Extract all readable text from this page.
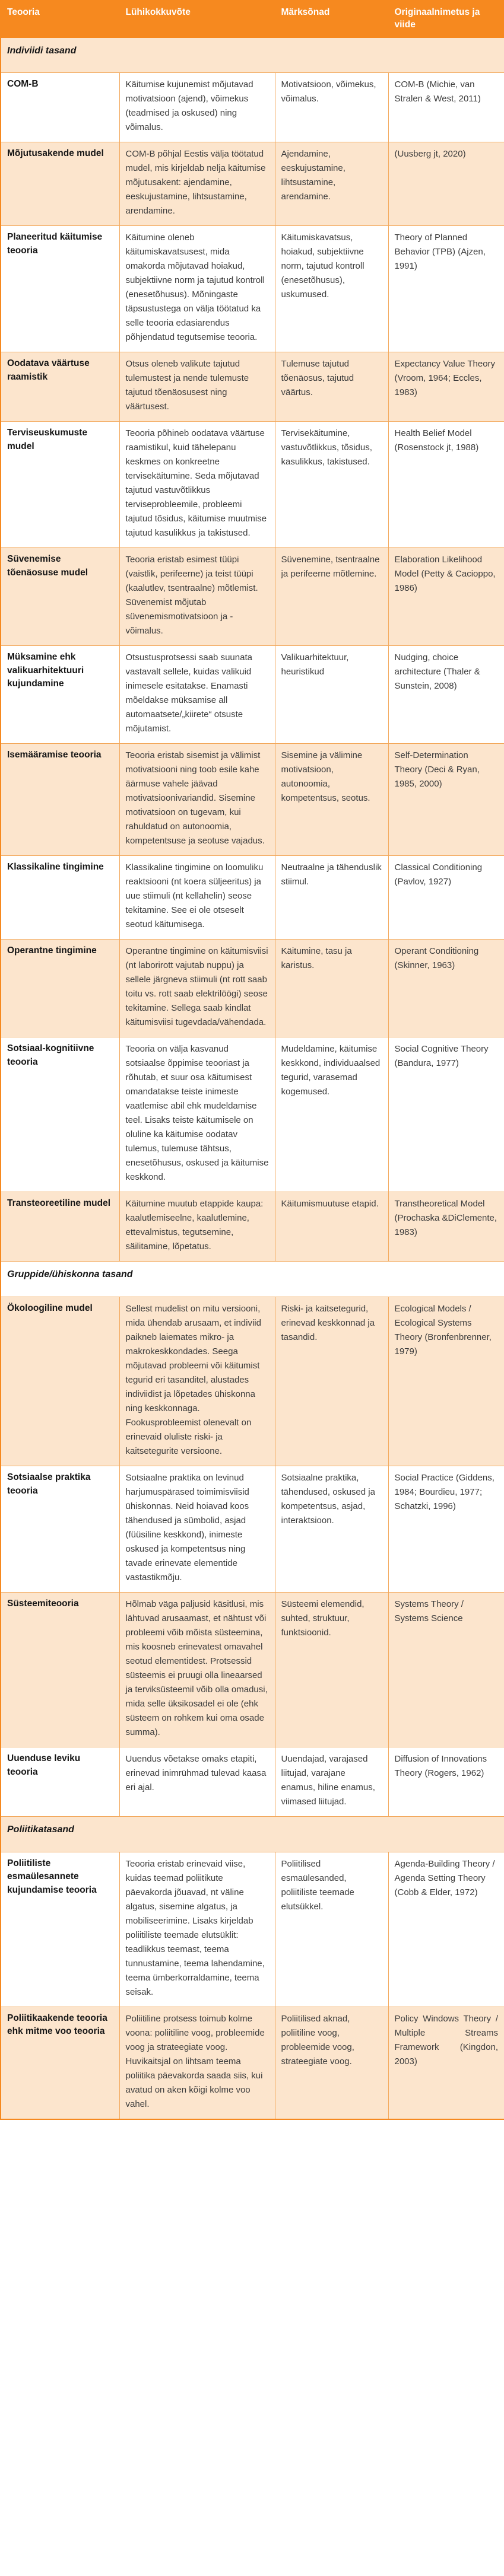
Teooria	Lühikokkuvõte	Märksõnad	Originaalnimetus ja viide
Indiviidi tasand			
COM-B	Käitumise kujunemist mõjutavad motivatsioon (ajend), võimekus (teadmised ja oskused) ning võimalus.	Motivatsioon, võimekus, võimalus.	COM-B (Michie, van Stralen & West, 2011)
Mõjutusakende mudel	COM-B põhjal Eestis välja töötatud mudel, mis kirjeldab nelja käitumise mõjutusakent: ajendamine, eeskujustamine, lihtsustamine, arendamine.	Ajendamine, eeskujustamine, lihtsustamine, arendamine.	(Uusberg jt, 2020)
Planeeritud käitumise teooria	Käitumine oleneb käitumiskavatsusest, mida omakorda mõjutavad hoiakud, subjektiivne norm ja tajutud kontroll (enesetõhusus). Mõningaste täpsustustega on välja töötatud ka selle teooria edasiarendus põhjendatud tegutsemise teooria.	Käitumiskavatsus, hoiakud, subjektiivne norm, tajutud kontroll (enesetõhusus), uskumused.	Theory of Planned Behavior (TPB) (Ajzen, 1991)
Oodatava väärtuse raamistik	Otsus oleneb valikute tajutud tulemustest ja nende tulemuste tajutud tõenäosusest ning väärtusest.	Tulemuse tajutud tõenäosus, tajutud väärtus.	Expectancy Value Theory (Vroom, 1964; Eccles, 1983)
Terviseuskumuste mudel	Teooria põhineb oodatava väärtuse raamistikul, kuid tähelepanu keskmes on konkreetne tervisekäitumine. Seda mõjutavad tajutud vastuvõtlikkus terviseprobleemile, probleemi tajutud tõsidus, käitumise muutmise tajutud kasulikkus ja takistused.	Tervisekäitumine, vastuvõtlikkus, tõsidus, kasulikkus, takistused.	Health Belief Model (Rosenstock jt, 1988)
Süvenemise tõenäosuse mudel	Teooria eristab esimest tüüpi (vaistlik, perifeerne) ja teist tüüpi (kaalutlev, tsentraalne) mõtlemist. Süvenemist mõjutab süvenemismotivatsioon ja -võimalus.	Süvenemine, tsentraalne ja perifeerne mõtlemine.	Elaboration Likelihood Model (Petty & Cacioppo, 1986)
Müksamine ehk valikuarhitektuuri kujundamine	Otsustusprotsessi saab suunata vastavalt sellele, kuidas valikuid inimesele esitatakse. Enamasti mõeldakse müksamise all automaatsete/„kiirete“ otsuste mõjutamist.	Valikuarhitektuur, heuristikud	Nudging, choice architecture (Thaler & Sunstein, 2008)
Isemääramise teooria	Teooria eristab sisemist ja välimist motivatsiooni ning toob esile kahe äärmuse vahele jäävad motivatsioonivariandid. Sisemine motivatsioon on tugevam, kui rahuldatud on autonoomia, kompetentsuse ja seotuse vajadus.	Sisemine ja välimine motivatsioon, autonoomia, kompetentsus, seotus.	Self-Determination Theory (Deci & Ryan, 1985, 2000)
Klassikaline tingimine	Klassikaline tingimine on loomuliku reaktsiooni (nt koera süljeeritus) ja uue stiimuli (nt kellahelin) seose tekitamine. See ei ole otseselt seotud käitumisega.	Neutraalne ja tähenduslik stiimul.	Classical Conditioning (Pavlov, 1927)
Operantne tingimine	Operantne tingimine on käitumisviisi (nt laborirott vajutab nuppu) ja sellele järgneva stiimuli (nt rott saab toitu vs. rott saab elektrilöögi) seose tekitamine. Sellega saab kindlat käitumisviisi tugevdada/vähendada.	Käitumine, tasu ja karistus.	Operant Conditioning (Skinner, 1963)
Sotsiaal-kognitiivne teooria	Teooria on välja kasvanud sotsiaalse õppimise teooriast ja rõhutab, et suur osa käitumisest omandatakse teiste inimeste vaatlemise abil ehk mudeldamise teel. Lisaks teiste käitumisele on oluline ka käitumise oodatav tulemus, tulemuse tähtsus, enesetõhusus, oskused ja käitumise keskkond.	Mudeldamine, käitumise keskkond, individuaalsed tegurid, varasemad kogemused.	Social Cognitive Theory (Bandura, 1977)
Transteoreetiline mudel	Käitumine muutub etappide kaupa: kaalutlemiseelne, kaalutlemine, ettevalmistus, tegutsemine, säilitamine, lõpetatus.	Käitumismuutuse etapid.	Transtheoretical Model (Prochaska &DiClemente, 1983)
Gruppide/ühiskonna tasand			
Ökoloogiline mudel	Sellest mudelist on mitu versiooni, mida ühendab arusaam, et indiviid paikneb laiemates mikro- ja makrokeskkondades. Seega mõjutavad probleemi või käitumist tegurid eri tasanditel, alustades indiviidist ja lõpetades ühiskonna ning keskkonnaga. Fookusprobleemist olenevalt on erinevaid oluliste riski- ja kaitsetegurite versioone.	Riski- ja kaitsetegurid, erinevad keskkonnad ja tasandid.	Ecological Models / Ecological Systems Theory (Bronfenbrenner, 1979)
Sotsiaalse praktika teooria	Sotsiaalne praktika on levinud harjumuspärased toimimisviisid ühiskonnas. Neid hoiavad koos tähendused ja sümbolid, asjad (füüsiline keskkond), inimeste oskused ja kompetentsus ning tavade erinevate elementide vastastikmõju.	Sotsiaalne praktika, tähendused, oskused ja kompetentsus, asjad, interaktsioon.	Social Practice (Giddens, 1984; Bourdieu, 1977; Schatzki, 1996)
Süsteemiteooria	Hõlmab väga paljusid käsitlusi, mis lähtuvad arusaamast, et nähtust või probleemi võib mõista süsteemina, mis koosneb erinevatest omavahel seotud elementidest. Protsessid süsteemis ei pruugi olla lineaarsed ja terviksüsteemil võib olla omadusi, mida selle üksikosadel ei ole (ehk süsteem on rohkem kui oma osade summa).	Süsteemi elemendid, suhted, struktuur, funktsioonid.	Systems Theory / Systems Science
Uuenduse leviku teooria	Uuendus võetakse omaks etapiti, erinevad inimrühmad tulevad kaasa eri ajal.	Uuendajad, varajased liitujad, varajane enamus, hiline enamus, viimased liitujad.	Diffusion of Innovations Theory (Rogers, 1962)
Poliitikatasand			
Poliitiliste esmaülesannete kujundamise teooria	Teooria eristab erinevaid viise, kuidas teemad poliitikute päevakorda jõuavad, nt väline algatus, sisemine algatus, ja mobiliseerimine. Lisaks kirjeldab poliitiliste teemade elutsüklit: teadlikkus teemast, teema tunnustamine, teema lahendamine, teema ümberkorraldamine, teema seisak.	Poliitilised esmaülesanded, poliitiliste teemade elutsükkel.	Agenda-Building Theory / Agenda Setting Theory (Cobb & Elder, 1972)
Poliitikaakende teooria ehk mitme voo teooria	Poliitiline protsess toimub kolme voona: poliitiline voog, probleemide voog ja strateegiate voog. Huvikaitsjal on lihtsam teema poliitika päevakorda saada siis, kui avatud on aken kõigi kolme voo vahel.	Poliitilised aknad, poliitiline voog, probleemide voog, strateegiate voog.	Policy Windows Theory / Multiple Streams Framework (Kingdon, 2003)
